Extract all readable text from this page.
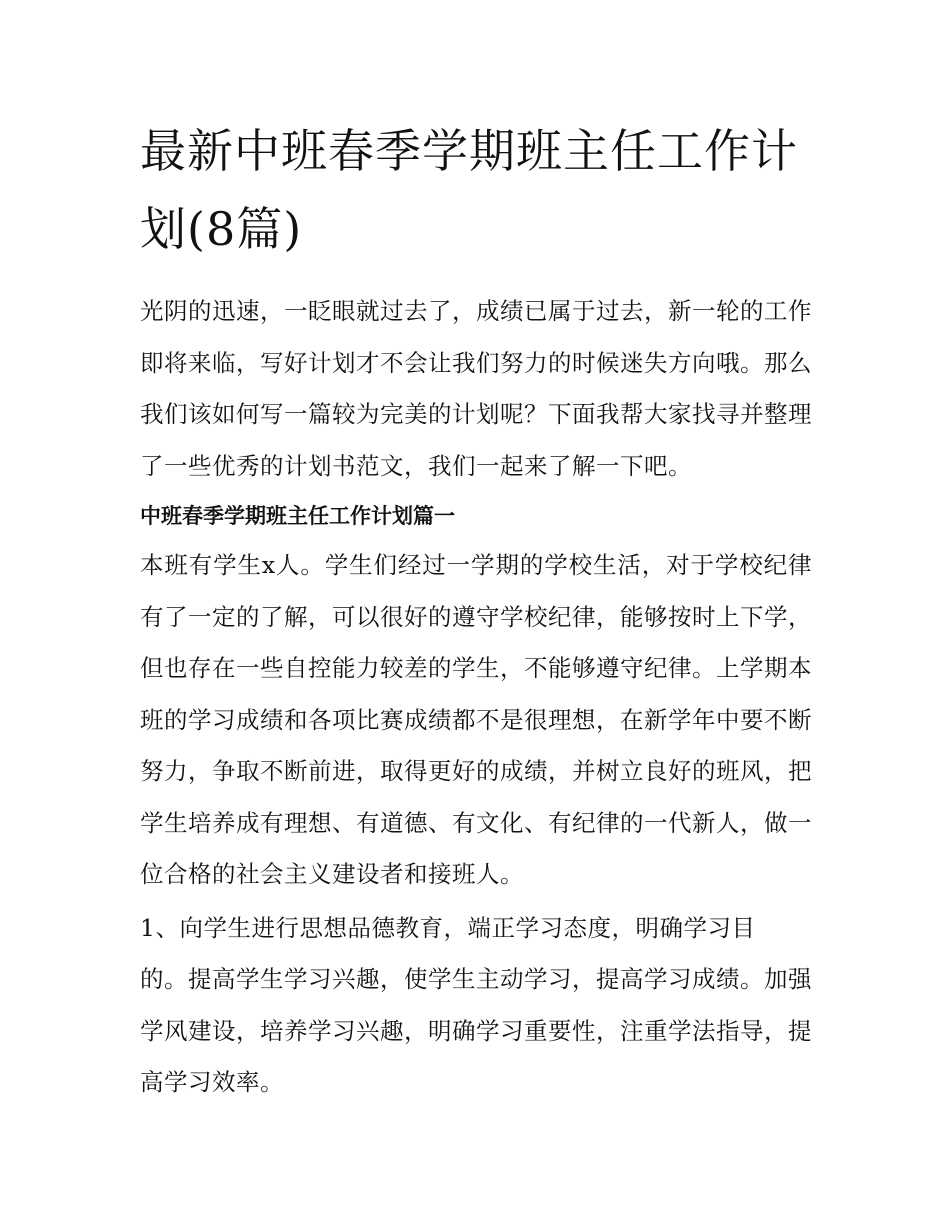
最新中班春季学期班主任工作计划(8篇)

光阴的迅速，一眨眼就过去了，成绩已属于过去，新一轮的工作即将来临，写好计划才不会让我们努力的时候迷失方向哦。那么我们该如何写一篇较为完美的计划呢？下面我帮大家找寻并整理了一些优秀的计划书范文，我们一起来了解一下吧。

中班春季学期班主任工作计划篇一

本班有学生x人。学生们经过一学期的学校生活，对于学校纪律有了一定的了解，可以很好的遵守学校纪律，能够按时上下学，但也存在一些自控能力较差的学生，不能够遵守纪律。上学期本班的学习成绩和各项比赛成绩都不是很理想，在新学年中要不断努力，争取不断前进，取得更好的成绩，并树立良好的班风，把学生培养成有理想、有道德、有文化、有纪律的一代新人，做一位合格的社会主义建设者和接班人。

1、向学生进行思想品德教育，端正学习态度，明确学习目
的。提高学生学习兴趣，使学生主动学习，提高学习成绩。加强学风建设，培养学习兴趣，明确学习重要性，注重学法指导，提高学习效率。
